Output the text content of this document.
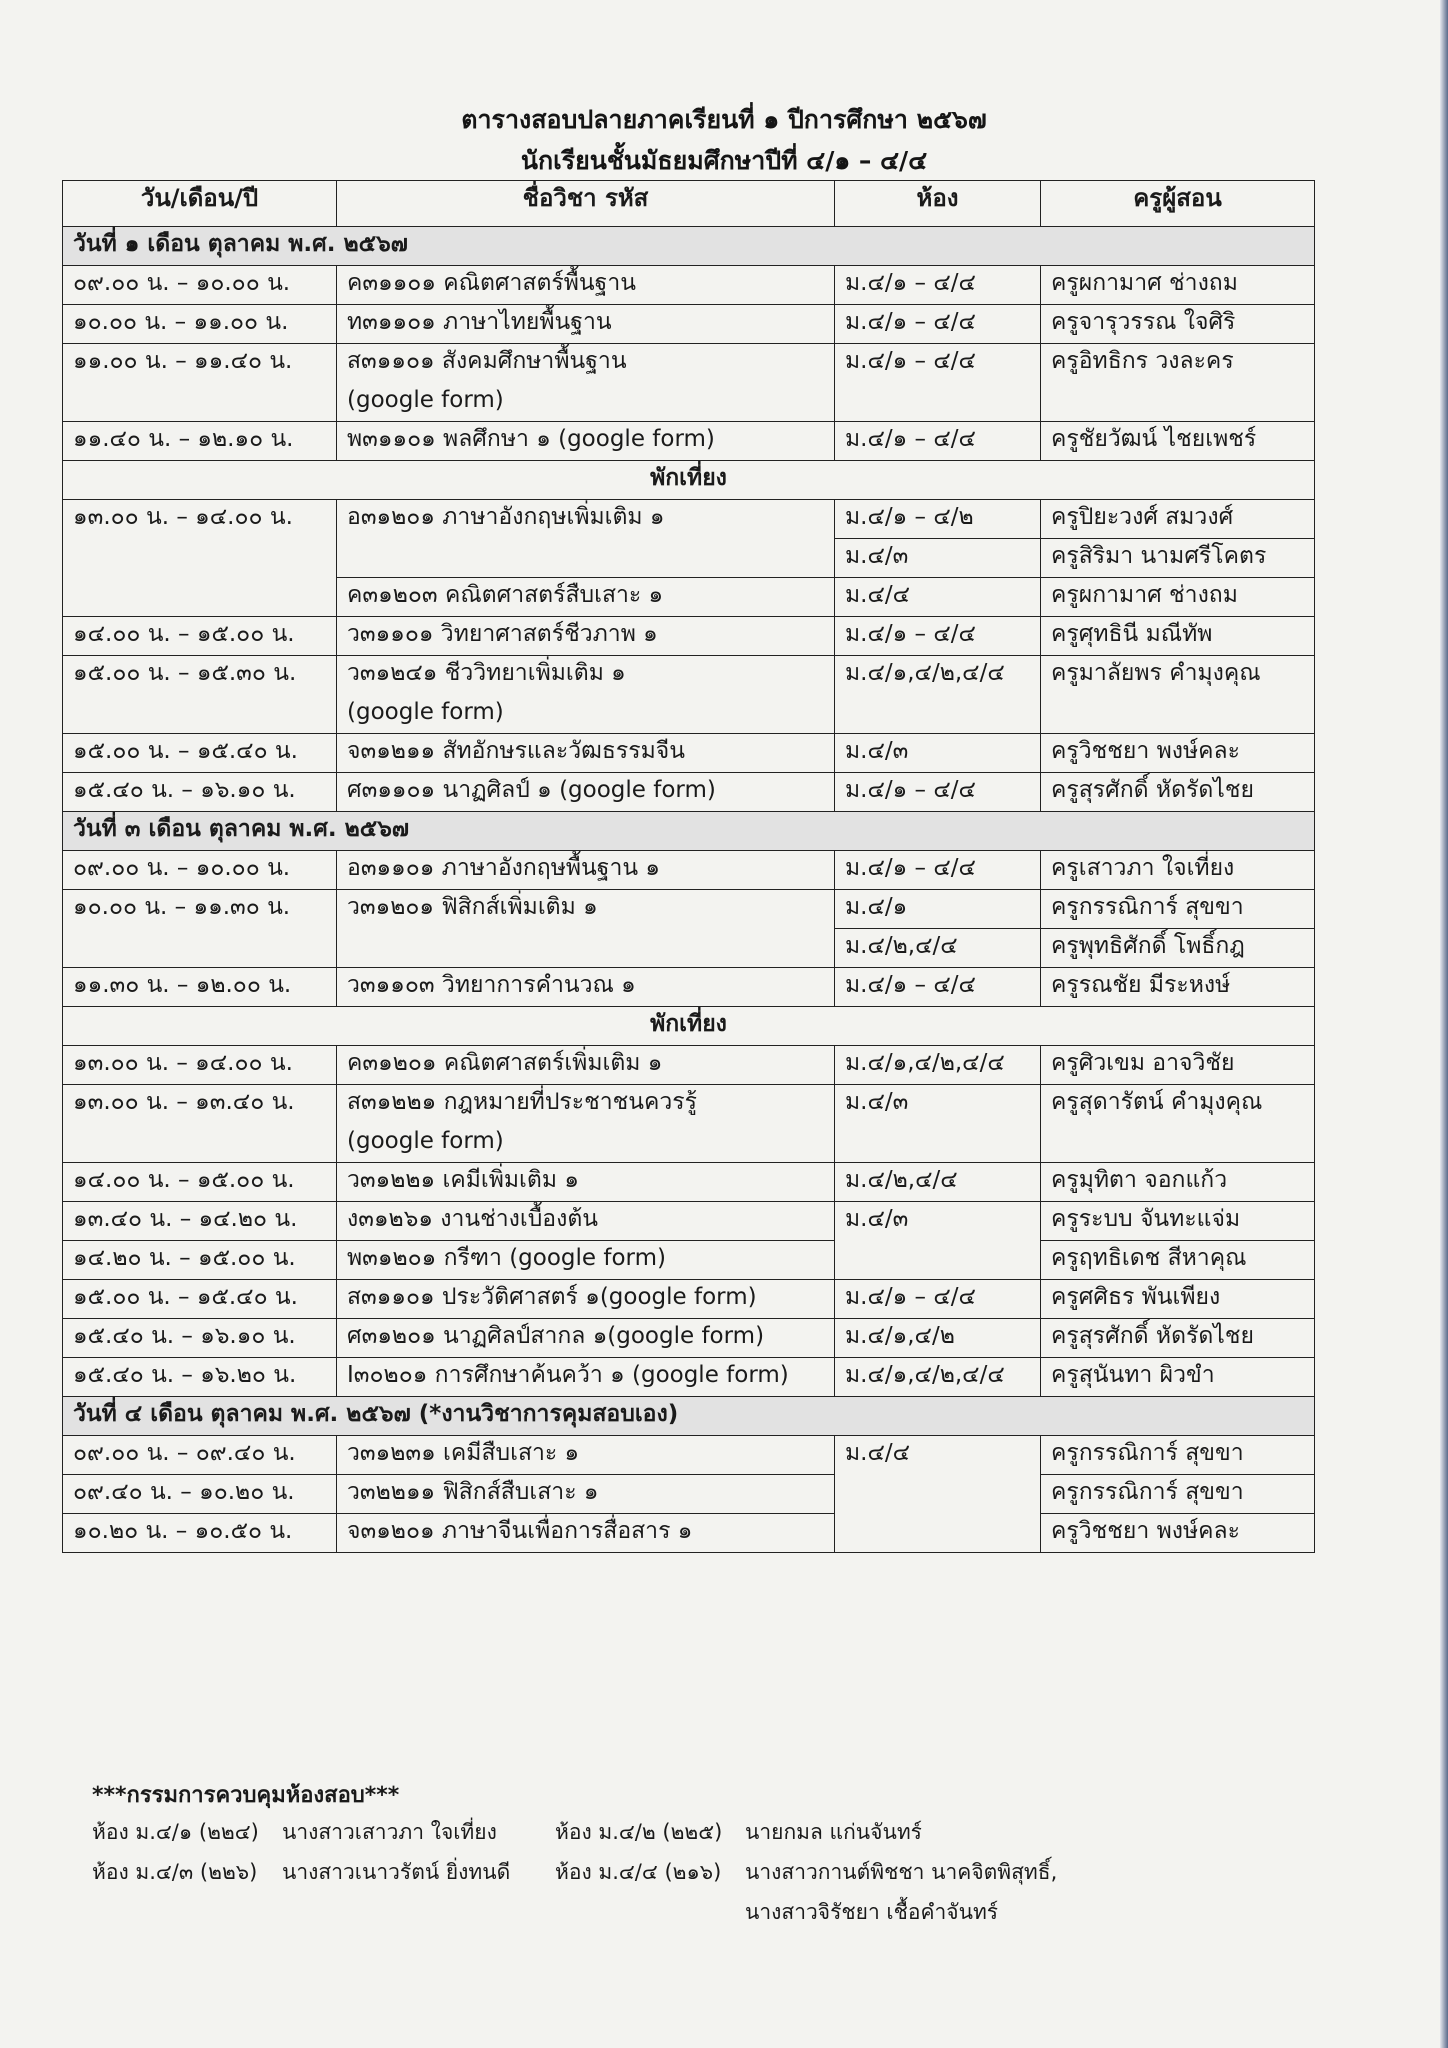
ตารางสอบปลายภาคเรียนที่ ๑ ปีการศึกษา ๒๕๖๗
นักเรียนชั้นมัธยมศึกษาปีที่ ๔/๑ – ๔/๔
วัน/เดือน/ปี	ชื่อวิชา รหัส	ห้อง	ครูผู้สอน
วันที่ ๑ เดือน ตุลาคม พ.ศ. ๒๕๖๗			
๐๙.๐๐ น. – ๑๐.๐๐ น.	ค๓๑๑๐๑ คณิตศาสตร์พื้นฐาน	ม.๔/๑ – ๔/๔	ครูผกามาศ ช่างถม
๑๐.๐๐ น. – ๑๑.๐๐ น.	ท๓๑๑๐๑ ภาษาไทยพื้นฐาน	ม.๔/๑ – ๔/๔	ครูจารุวรรณ ใจศิริ
๑๑.๐๐ น. – ๑๑.๔๐ น.	ส๓๑๑๐๑ สังคมศึกษาพื้นฐาน	ม.๔/๑ – ๔/๔	ครูอิทธิกร วงละคร
	(google form)		
๑๑.๔๐ น. – ๑๒.๑๐ น.	พ๓๑๑๐๑ พลศึกษา ๑ (google form)	ม.๔/๑ – ๔/๔	ครูชัยวัฒน์ ไชยเพชร์
พักเที่ยง			
๑๓.๐๐ น. – ๑๔.๐๐ น.	อ๓๑๒๐๑ ภาษาอังกฤษเพิ่มเติม ๑	ม.๔/๑ – ๔/๒	ครูปิยะวงศ์ สมวงศ์
		ม.๔/๓	ครูสิริมา นามศรีโคตร
	ค๓๑๒๐๓ คณิตศาสตร์สืบเสาะ ๑	ม.๔/๔	ครูผกามาศ ช่างถม
๑๔.๐๐ น. – ๑๕.๐๐ น.	ว๓๑๑๐๑ วิทยาศาสตร์ชีวภาพ ๑	ม.๔/๑ – ๔/๔	ครูศุทธินี มณีทัพ
๑๕.๐๐ น. – ๑๕.๓๐ น.	ว๓๑๒๔๑ ชีววิทยาเพิ่มเติม ๑	ม.๔/๑,๔/๒,๔/๔	ครูมาลัยพร คำมุงคุณ
	(google form)		
๑๕.๐๐ น. – ๑๕.๔๐ น.	จ๓๑๒๑๑ สัทอักษรและวัฒธรรมจีน	ม.๔/๓	ครูวิชชยา พงษ์คละ
๑๕.๔๐ น. – ๑๖.๑๐ น.	ศ๓๑๑๐๑ นาฏศิลป์ ๑ (google form)	ม.๔/๑ – ๔/๔	ครูสุรศักดิ์ หัดรัดไชย
วันที่ ๓ เดือน ตุลาคม พ.ศ. ๒๕๖๗			
๐๙.๐๐ น. – ๑๐.๐๐ น.	อ๓๑๑๐๑ ภาษาอังกฤษพื้นฐาน ๑	ม.๔/๑ – ๔/๔	ครูเสาวภา ใจเที่ยง
๑๐.๐๐ น. – ๑๑.๓๐ น.	ว๓๑๒๐๑ ฟิสิกส์เพิ่มเติม ๑	ม.๔/๑	ครูกรรณิการ์ สุขขา
		ม.๔/๒,๔/๔	ครูพุทธิศักดิ์ โพธิ์กฎ
๑๑.๓๐ น. – ๑๒.๐๐ น.	ว๓๑๑๐๓ วิทยาการคำนวณ ๑	ม.๔/๑ – ๔/๔	ครูรณชัย มีระหงษ์
พักเที่ยง			
๑๓.๐๐ น. – ๑๔.๐๐ น.	ค๓๑๒๐๑ คณิตศาสตร์เพิ่มเติม ๑	ม.๔/๑,๔/๒,๔/๔	ครูศิวเขม อาจวิชัย
๑๓.๐๐ น. – ๑๓.๔๐ น.	ส๓๑๒๒๑ กฎหมายที่ประชาชนควรรู้	ม.๔/๓	ครูสุดารัตน์ คำมุงคุณ
	(google form)		
๑๔.๐๐ น. – ๑๕.๐๐ น.	ว๓๑๒๒๑ เคมีเพิ่มเติม ๑	ม.๔/๒,๔/๔	ครูมุทิตา จอกแก้ว
๑๓.๔๐ น. – ๑๔.๒๐ น.	ง๓๑๒๖๑ งานช่างเบื้องต้น	ม.๔/๓	ครูระบบ จันทะแจ่ม
๑๔.๒๐ น. – ๑๕.๐๐ น.	พ๓๑๒๐๑ กรีฑา (google form)		ครูฤทธิเดช สีหาคุณ
๑๕.๐๐ น. – ๑๕.๔๐ น.	ส๓๑๑๐๑ ประวัติศาสตร์ ๑(google form)	ม.๔/๑ – ๔/๔	ครูศศิธร พันเพียง
๑๕.๔๐ น. – ๑๖.๑๐ น.	ศ๓๑๒๐๑ นาฏศิลป์สากล ๑(google form)	ม.๔/๑,๔/๒	ครูสุรศักดิ์ หัดรัดไชย
๑๕.๔๐ น. – ๑๖.๒๐ น.	I๓๐๒๐๑ การศึกษาค้นคว้า ๑ (google form)	ม.๔/๑,๔/๒,๔/๔	ครูสุนันทา ผิวขำ
วันที่ ๔ เดือน ตุลาคม พ.ศ. ๒๕๖๗ (*งานวิชาการคุมสอบเอง)			
๐๙.๐๐ น. – ๐๙.๔๐ น.	ว๓๑๒๓๑ เคมีสืบเสาะ ๑	ม.๔/๔	ครูกรรณิการ์ สุขขา
๐๙.๔๐ น. – ๑๐.๒๐ น.	ว๓๒๒๑๑ ฟิสิกส์สืบเสาะ ๑		ครูกรรณิการ์ สุขขา
๑๐.๒๐ น. – ๑๐.๕๐ น.	จ๓๑๒๐๑ ภาษาจีนเพื่อการสื่อสาร ๑		ครูวิชชยา พงษ์คละ
***กรรมการควบคุมห้องสอบ***
ห้อง ม.๔/๑ (๒๒๔) นางสาวเสาวภา ใจเที่ยง	ห้อง ม.๔/๒ (๒๒๕) นายกมล แก่นจันทร์
ห้อง ม.๔/๓ (๒๒๖) นางสาวเนาวรัตน์ ยิ่งทนดี ห้อง ม.๔/๔ (๒๑๖) นางสาวกานต์พิชชา นาคจิตพิสุทธิ์,
นางสาวจิรัชยา เชื้อคำจันทร์
